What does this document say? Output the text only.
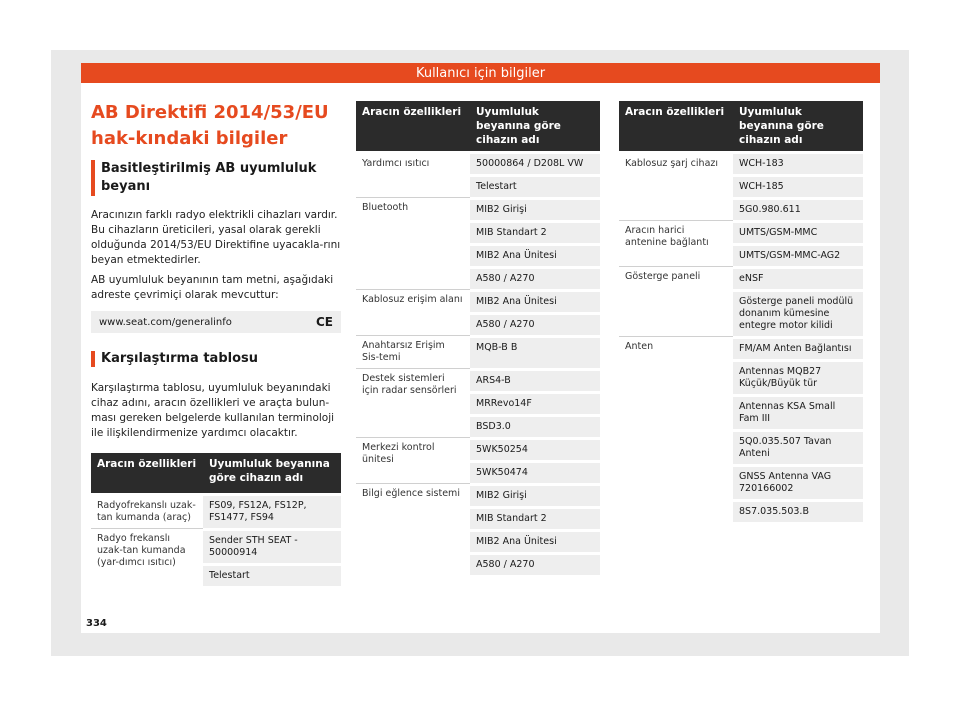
Kullanıcı için bilgiler
AB Direktifi 2014/53/EU hak-kındaki bilgiler
Basitleştirilmiş AB uyumluluk beyanı

Aracınızın farklı radyo elektrikli cihazları vardır. Bu cihazların üreticileri, yasal olarak gerekli olduğunda 2014/53/EU Direktifine uyacakla-rını beyan etmektedirler.

AB uyumluluk beyanının tam metni, aşağıdaki adreste çevrimiçi olarak mevcuttur:

www.seat.com/generalinfo	CE
Karşılaştırma tablosu

Karşılaştırma tablosu, uyumluluk beyanındaki cihaz adını, aracın özellikleri ve araçta bulun-ması gereken belgelerde kullanılan terminoloji ile ilişkilendirmenize yardımcı olacaktır.

Aracın özellikleri	Uyumluluk beyanına göre cihazın adı
Radyofrekanslı uzak-tan kumanda (araç)	FS09, FS12A, FS12P, FS1477, FS94
Radyo frekanslı uzak-tan kumanda (yar-dımcı ısıtıcı)	Sender STH SEAT - 50000914
	Telestart
Aracın özellikleri	Uyumluluk beyanına göre cihazın adı
Yardımcı ısıtıcı	50000864 / D208L VW
	Telestart
Bluetooth	MIB2 Girişi
	MIB Standart 2
	MIB2 Ana Ünitesi
	A580 / A270
Kablosuz erişim alanı	MIB2 Ana Ünitesi
	A580 / A270
Anahtarsız Erişim Sis-temi	MQB-B B
Destek sistemleri için radar sensörleri	ARS4-B
	MRRevo14F
	BSD3.0
Merkezi kontrol ünitesi	5WK50254
	5WK50474
Bilgi eğlence sistemi	MIB2 Girişi
	MIB Standart 2
	MIB2 Ana Ünitesi
	A580 / A270
Aracın özellikleri	Uyumluluk beyanına göre cihazın adı
Kablosuz şarj cihazı	WCH-183
	WCH-185
	5G0.980.611
Aracın harici antenine bağlantı	UMTS/GSM-MMC
	UMTS/GSM-MMC-AG2
Gösterge paneli	eNSF
	Gösterge paneli modülü donanım kümesine entegre motor kilidi
Anten	FM/AM Anten Bağlantısı
	Antennas MQB27 Küçük/Büyük tür
	Antennas KSA Small Fam III
	5Q0.035.507 Tavan Anteni
	GNSS Antenna VAG 720166002
	8S7.035.503.B
334
